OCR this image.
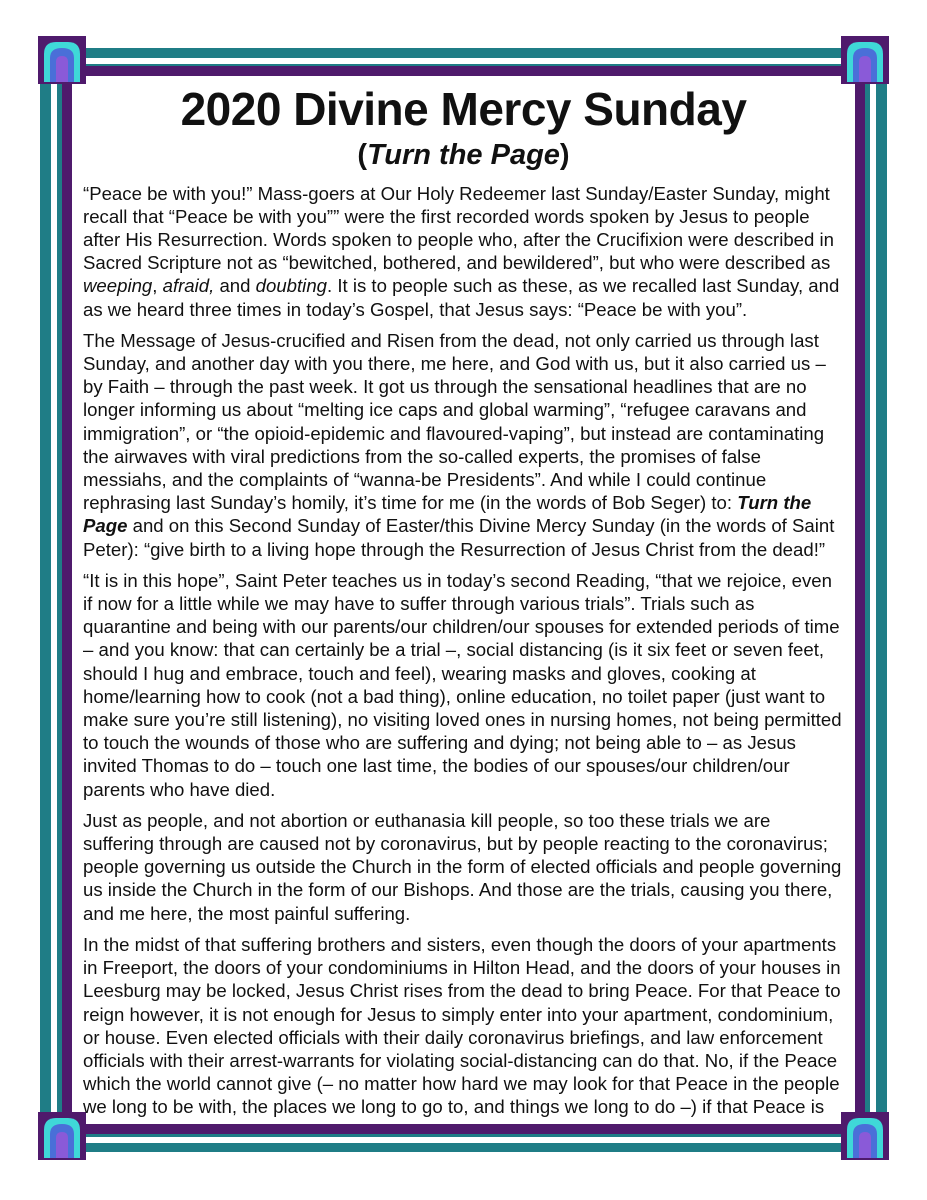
2020 Divine Mercy Sunday
(Turn the Page)

“Peace be with you!” Mass-goers at Our Holy Redeemer last Sunday/Easter Sunday, might recall that “Peace be with you”” were the first recorded words spoken by Jesus to people after His Resurrection. Words spoken to people who, after the Crucifixion were described in Sacred Scripture not as “bewitched, bothered, and bewildered”, but who were described as weeping, afraid, and doubting. It is to people such as these, as we recalled last Sunday, and as we heard three times in today’s Gospel, that Jesus says: “Peace be with you”.

The Message of Jesus-crucified and Risen from the dead, not only carried us through last Sunday, and another day with you there, me here, and God with us, but it also carried us – by Faith – through the past week. It got us through the sensational headlines that are no longer informing us about “melting ice caps and global warming”, “refugee caravans and immigration”, or “the opioid-epidemic and flavoured-vaping”, but instead are contaminating the airwaves with viral predictions from the so-called experts, the promises of false messiahs, and the complaints of “wanna-be Presidents”. And while I could continue rephrasing last Sunday’s homily, it’s time for me (in the words of Bob Seger) to: Turn the Page and on this Second Sunday of Easter/this Divine Mercy Sunday (in the words of Saint Peter): “give birth to a living hope through the Resurrection of Jesus Christ from the dead!”

“It is in this hope”, Saint Peter teaches us in today’s second Reading, “that we rejoice, even if now for a little while we may have to suffer through various trials”. Trials such as quarantine and being with our parents/our children/our spouses for extended periods of time – and you know: that can certainly be a trial –, social distancing (is it six feet or seven feet, should I hug and embrace, touch and feel), wearing masks and gloves, cooking at home/learning how to cook (not a bad thing), online education, no toilet paper (just want to make sure you’re still listening), no visiting loved ones in nursing homes, not being permitted to touch the wounds of those who are suffering and dying; not being able to – as Jesus invited Thomas to do – touch one last time, the bodies of our spouses/our children/our parents who have died.

Just as people, and not abortion or euthanasia kill people, so too these trials we are suffering through are caused not by coronavirus, but by people reacting to the coronavirus; people governing us outside the Church in the form of elected officials and people governing us inside the Church in the form of our Bishops. And those are the trials, causing you there, and me here, the most painful suffering.

In the midst of that suffering brothers and sisters, even though the doors of your apartments in Freeport, the doors of your condominiums in Hilton Head, and the doors of your houses in Leesburg may be locked, Jesus Christ rises from the dead to bring Peace. For that Peace to reign however, it is not enough for Jesus to simply enter into your apartment, condominium, or house. Even elected officials with their daily coronavirus briefings, and law enforcement officials with their arrest-warrants for violating social-distancing can do that. No, if the Peace which the world cannot give (– no matter how hard we may look for that Peace in the people we long to be with, the places we long to go to, and things we long to do –) if that Peace is
